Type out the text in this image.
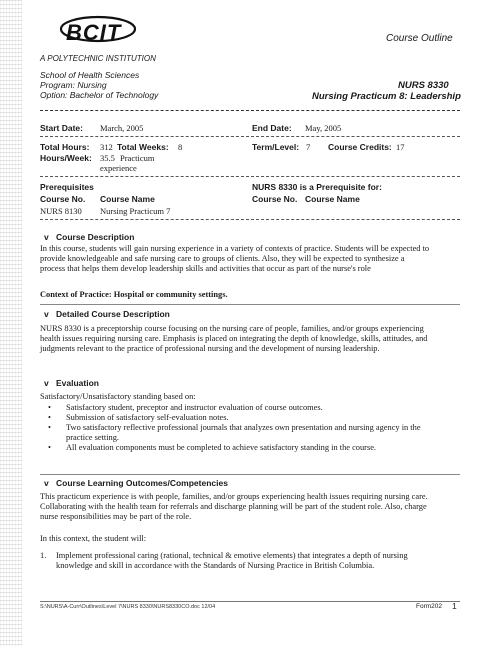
BCIT
A POLYTECHNIC INSTITUTION
Course Outline
School of Health Sciences
Program: Nursing
Option: Bachelor of Technology
NURS 8330
Nursing Practicum 8: Leadership
Start Date: March, 2005	End Date: May, 2005
Total Hours: 312 Total Weeks: 8	Term/Level: 7 Course Credits: 17
Hours/Week: 35.5 Practicum
experience
Prerequisites
Course No. Course Name
NURS 8130 Nursing Practicum 7
NURS 8330 is a Prerequisite for:
Course No. Course Name
v Course Description
In this course, students will gain nursing experience in a variety of contexts of practice. Students will be expected to
provide knowledgeable and safe nursing care to groups of clients. Also, they will be expected to synthesize a
process that helps them develop leadership skills and activities that occur as part of the nurse's role
Context of Practice: Hospital or community settings.
v Detailed Course Description
NURS 8330 is a preceptorship course focusing on the nursing care of people, families, and/or groups experiencing
health issues requiring nursing care. Emphasis is placed on integrating the depth of knowledge, skills, attitudes, and
judgments relevant to the practice of professional nursing and the development of nursing leadership.
v Evaluation
Satisfactory/Unsatisfactory standing based on:
• Satisfactory student, preceptor and instructor evaluation of course outcomes.
• Submission of satisfactory self-evaluation notes.
• Two satisfactory reflective professional journals that analyzes own presentation and nursing agency in the
practice setting.
• All evaluation components must be completed to achieve satisfactory standing in the course.
v Course Learning Outcomes/Competencies
This practicum experience is with people, families, and/or groups experiencing health issues requiring nursing care.
Collaborating with the health team for referrals and discharge planning will be part of the student role. Also, charge
nurse responsibilities may be part of the role.
In this context, the student will:
1. Implement professional caring (rational, technical & emotive elements) that integrates a depth of nursing
knowledge and skill in accordance with the Standards of Nursing Practice in British Columbia.
S:\NURS\A-Curr\Outlines\Level 7\NURS 8330\NURS8330CO.doc 12/04	Form202 1
